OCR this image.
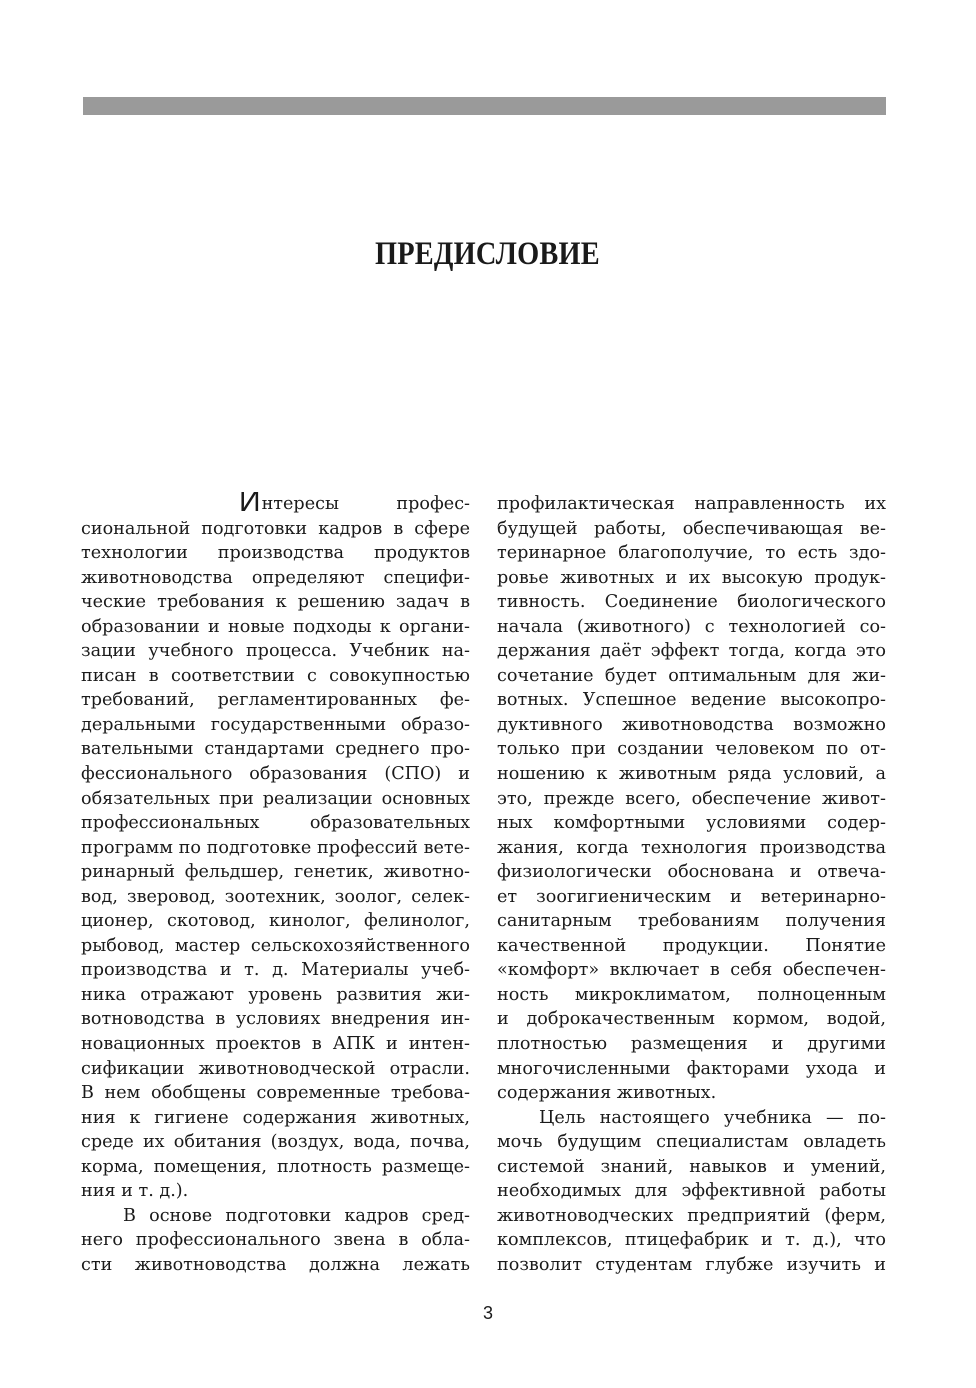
ПРЕДИСЛОВИЕ
Интересы профес-
сиональной подготовки кадров в сфере
технологии производства продуктов
животноводства определяют специфи-
ческие требования к решению задач в
образовании и новые подходы к органи-
зации учебного процесса. Учебник на-
писан в соответствии с совокупностью
требований, регламентированных фе-
деральными государственными образо-
вательными стандартами среднего про-
фессионального образования (СПО) и
обязательных при реализации основных
профессиональных образовательных
программ по подготовке профессий вете-
ринарный фельдшер, генетик, животно-
вод, зверовод, зоотехник, зоолог, селек-
ционер, скотовод, кинолог, фелинолог,
рыбовод, мастер сельскохозяйственного
производства и т. д. Материалы учеб-
ника отражают уровень развития жи-
вотноводства в условиях внедрения ин-
новационных проектов в АПК и интен-
сификации животноводческой отрасли.
В нем обобщены современные требова-
ния к гигиене содержания животных,
среде их обитания (воздух, вода, почва,
корма, помещения, плотность размеще-
ния и т. д.).
В основе подготовки кадров сред-
него профессионального звена в обла-
сти животноводства должна лежать
профилактическая направленность их
будущей работы, обеспечивающая ве-
теринарное благополучие, то есть здо-
ровье животных и их высокую продук-
тивность. Соединение биологического
начала (животного) с технологией со-
держания даёт эффект тогда, когда это
сочетание будет оптимальным для жи-
вотных. Успешное ведение высокопро-
дуктивного животноводства возможно
только при создании человеком по от-
ношению к животным ряда условий, а
это, прежде всего, обеспечение живот-
ных комфортными условиями содер-
жания, когда технология производства
физиологически обоснована и отвеча-
ет зоогигиеническим и ветеринарно-
санитарным требованиям получения
качественной продукции. Понятие
«комфорт» включает в себя обеспечен-
ность микроклиматом, полноценным
и доброкачественным кормом, водой,
плотностью размещения и другими
многочисленными факторами ухода и
содержания животных.
Цель настоящего учебника — по-
мочь будущим специалистам овладеть
системой знаний, навыков и умений,
необходимых для эффективной работы
животноводческих предприятий (ферм,
комплексов, птицефабрик и т. д.), что
позволит студентам глубже изучить и
3
